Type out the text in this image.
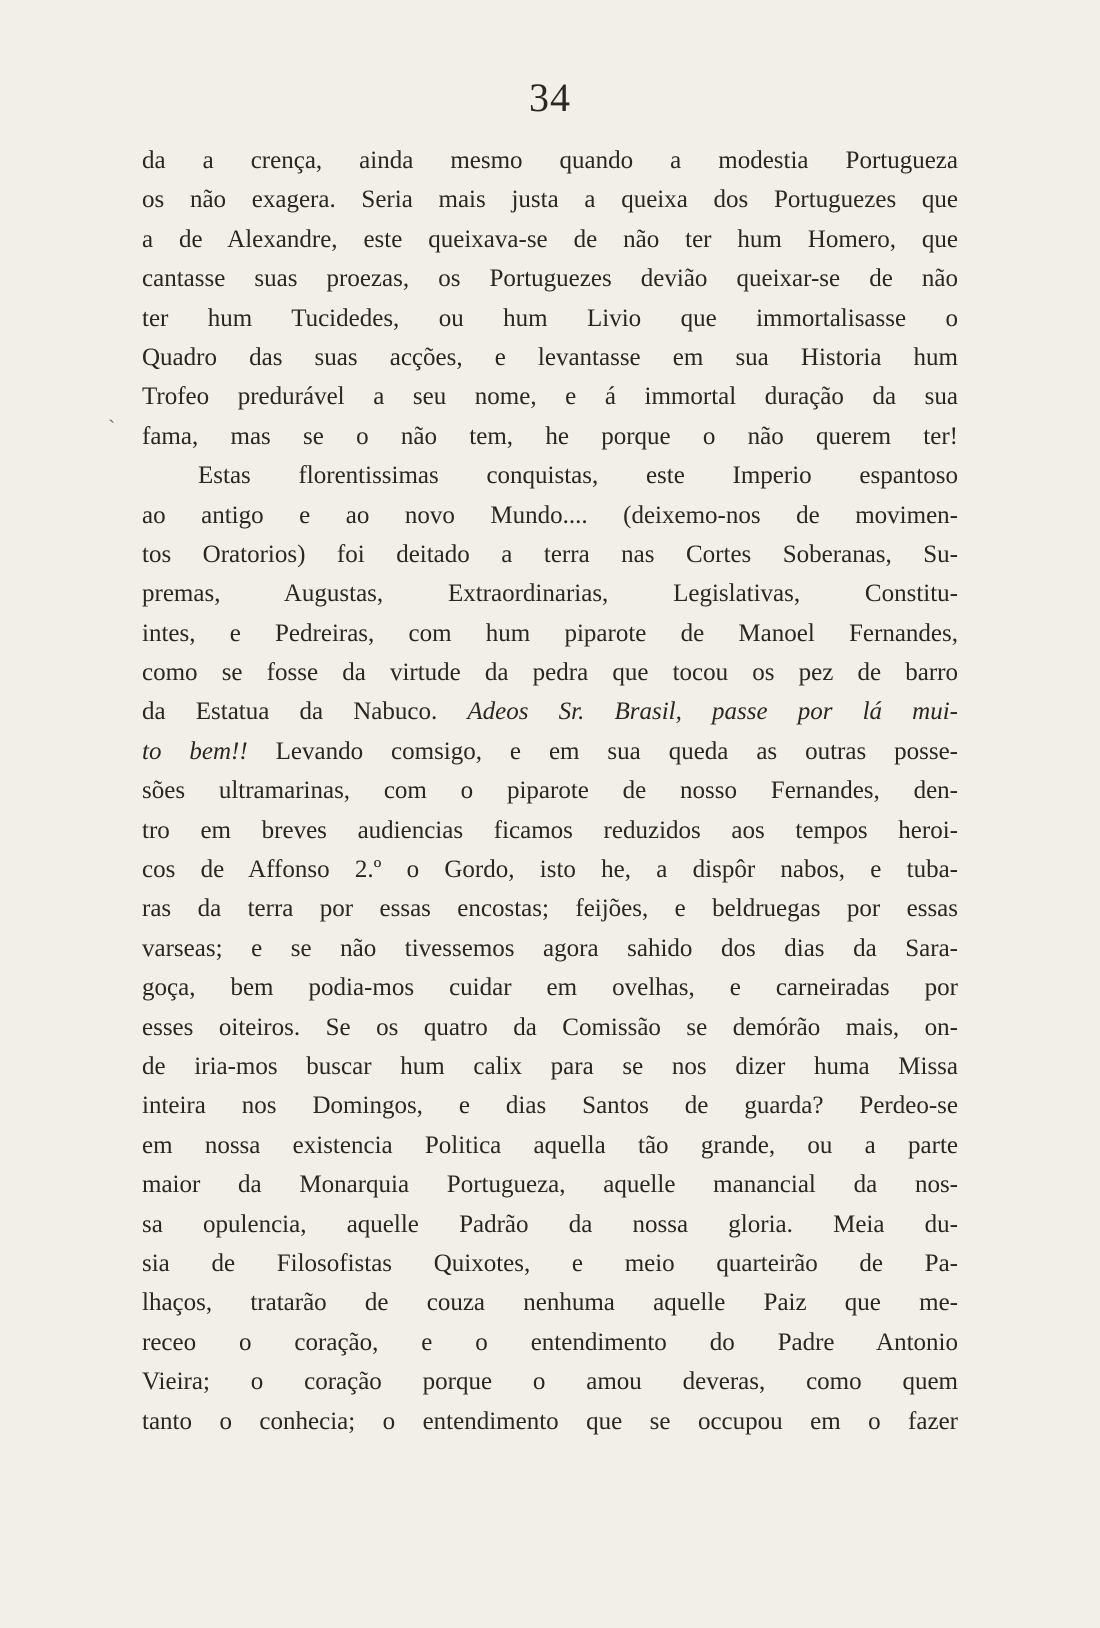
34
ˎ
da a crença, ainda mesmo quando a modestia Portugueza
os não exagera. Seria mais justa a queixa dos Portuguezes que
a de Alexandre, este queixava-se de não ter hum Homero, que
cantasse suas proezas, os Portuguezes devião queixar-se de não
ter hum Tucidedes, ou hum Livio que immortalisasse o
Quadro das suas acções, e levantasse em sua Historia hum
Trofeo predurável a seu nome, e á immortal duração da sua
fama, mas se o não tem, he porque o não querem ter!
Estas florentissimas conquistas, este Imperio espantoso
ao antigo e ao novo Mundo.... (deixemo-nos de movimen-
tos Oratorios) foi deitado a terra nas Cortes Soberanas, Su-
premas, Augustas, Extraordinarias, Legislativas, Constitu-
intes, e Pedreiras, com hum piparote de Manoel Fernandes,
como se fosse da virtude da pedra que tocou os pez de barro
da Estatua da Nabuco. Adeos Sr. Brasil, passe por lá mui-
to bem!! Levando comsigo, e em sua queda as outras posse-
sões ultramarinas, com o piparote de nosso Fernandes, den-
tro em breves audiencias ficamos reduzidos aos tempos heroi-
cos de Affonso 2.º o Gordo, isto he, a dispôr nabos, e tuba-
ras da terra por essas encostas; feijões, e beldruegas por essas
varseas; e se não tivessemos agora sahido dos dias da Sara-
goça, bem podia-mos cuidar em ovelhas, e carneiradas por
esses oiteiros. Se os quatro da Comissão se demórão mais, on-
de iria-mos buscar hum calix para se nos dizer huma Missa
inteira nos Domingos, e dias Santos de guarda? Perdeo-se
em nossa existencia Politica aquella tão grande, ou a parte
maior da Monarquia Portugueza, aquelle manancial da nos-
sa opulencia, aquelle Padrão da nossa gloria. Meia du-
sia de Filosofistas Quixotes, e meio quarteirão de Pa-
lhaços, tratarão de couza nenhuma aquelle Paiz que me-
receo o coração, e o entendimento do Padre Antonio
Vieira; o coração porque o amou deveras, como quem
tanto o conhecia; o entendimento que se occupou em o fazer
